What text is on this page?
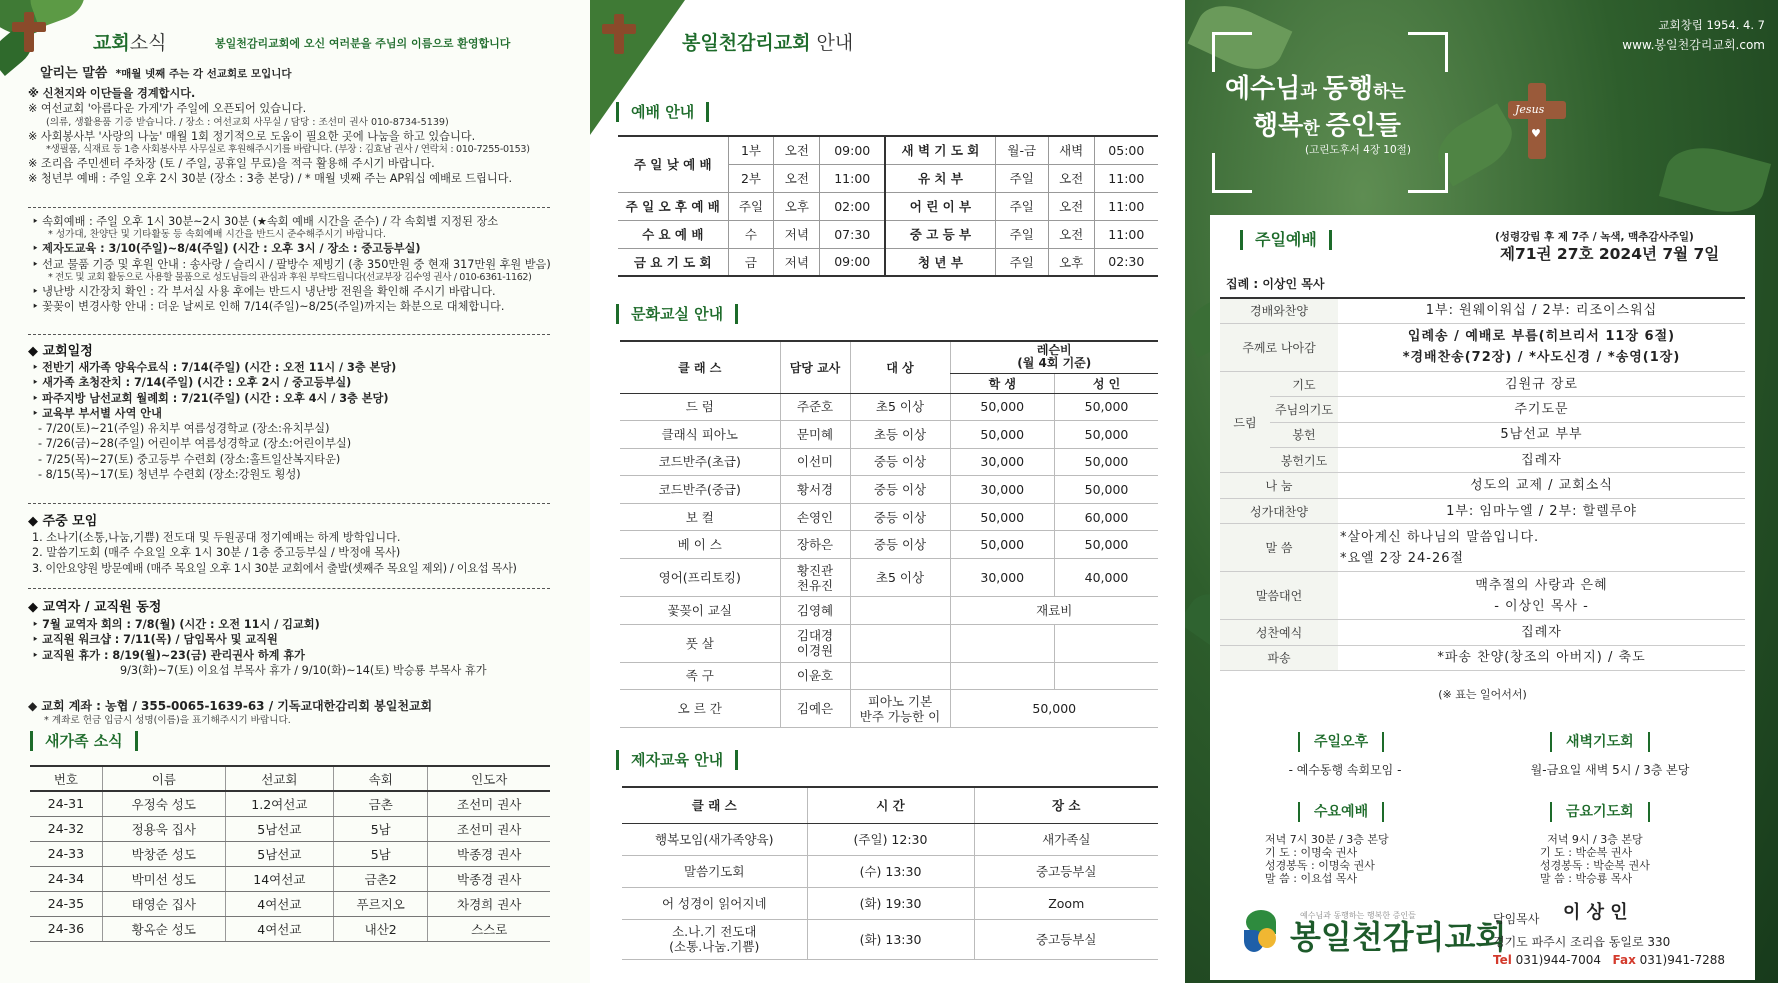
교회소식	봉일천감리교회에 오신 여러분을 주님의 이름으로 환영합니다
알리는 말씀 *매월 넷째 주는 각 선교회로 모입니다
※ 신천지와 이단들을 경계합시다.
※ 여선교회 '아름다운 가게'가 주일에 오픈되어 있습니다.
(의류, 생활용품 기증 받습니다. / 장소 : 여선교회 사무실 / 담당 : 조선미 권사 010-8734-5139)
※ 사회봉사부 '사랑의 나눔' 매월 1회 정기적으로 도움이 필요한 곳에 나눔을 하고 있습니다.
*생필품, 식재료 등 1층 사회봉사부 사무실로 후원해주시기를 바랍니다. (부장 : 김효남 권사 / 연락처 : 010-7255-0153)
※ 조리읍 주민센터 주차장 (토 / 주일, 공휴일 무료)을 적극 활용해 주시기 바랍니다.
※ 청년부 예배 : 주일 오후 2시 30분 (장소 : 3층 본당) / * 매월 넷째 주는 AP워십 예배로 드립니다.
‣ 속회예배 : 주일 오후 1시 30분~2시 30분 (★속회 예배 시간을 준수) / 각 속회별 지정된 장소
* 성가대, 찬양단 및 기타활동 등 속회예배 시간을 반드시 준수해주시기 바랍니다.
‣ 제자도교육 : 3/10(주일)~8/4(주일) (시간 : 오후 3시 / 장소 : 중고등부실)
‣ 선교 물품 기증 및 후원 안내 : 송사랑 / 슬리시 / 팔방수 제빙기 (총 350만원 중 현재 317만원 후원 받음)
* 전도 및 교회 활동으로 사용할 물품으로 성도님들의 관심과 후원 부탁드립니다(선교부장 김수영 권사 / 010-6361-1162)
‣ 냉난방 시간장치 확인 : 각 부서실 사용 후에는 반드시 냉난방 전원을 확인해 주시기 바랍니다.
‣ 꽃꽂이 변경사항 안내 : 더운 날씨로 인해 7/14(주일)~8/25(주일)까지는 화분으로 대체합니다.
◆ 교회일정
‣ 전반기 새가족 양육수료식 : 7/14(주일) (시간 : 오전 11시 / 3층 본당)
‣ 새가족 초청잔치 : 7/14(주일) (시간 : 오후 2시 / 중고등부실)
‣ 파주지방 남선교회 월례회 : 7/21(주일) (시간 : 오후 4시 / 3층 본당)
‣ 교육부 부서별 사역 안내
- 7/20(토)~21(주일) 유치부 여름성경학교 (장소:유치부실)
- 7/26(금)~28(주일) 어린이부 여름성경학교 (장소:어린이부실)
- 7/25(목)~27(토) 중고등부 수련회 (장소:홀트일산복지타운)
- 8/15(목)~17(토) 청년부 수련회 (장소:강원도 횡성)
◆ 주중 모임
1. 소나기(소통,나눔,기쁨) 전도대 및 두원공대 정기예배는 하계 방학입니다.
2. 말씀기도회 (매주 수요일 오후 1시 30분 / 1층 중고등부실 / 박정애 목사)
3. 이안요양원 방문예배 (매주 목요일 오후 1시 30분 교회에서 출발(셋째주 목요일 제외) / 이요섭 목사)
◆ 교역자 / 교직원 동정
‣ 7월 교역자 회의 : 7/8(월) (시간 : 오전 11시 / 김교회)
‣ 교직원 워크샵 : 7/11(목) / 담임목사 및 교직원
‣ 교직원 휴가 : 8/19(월)~23(금) 관리권사 하계 휴가
9/3(화)~7(토) 이요섭 부목사 휴가 / 9/10(화)~14(토) 박승룡 부목사 휴가
◆ 교회 계좌 : 농협 / 355-0065-1639-63 / 기독교대한감리회 봉일천교회
* 계좌로 헌금 입금시 성명(이름)을 표기해주시기 바랍니다.
새가족 소식
번호	이름	선교회	속회	인도자
24-31	우정숙 성도	1.2여선교	금촌	조선미 권사
24-32	정용욱 집사	5남선교	5남	조선미 권사
24-33	박창준 성도	5남선교	5남	박종경 권사
24-34	박미선 성도	14여선교	금촌2	박종경 권사
24-35	태영순 집사	4여선교	푸르지오	차경희 권사
24-36	황옥순 성도	4여선교	내산2	스스로
봉일천감리교회 안내
예배 안내
주 일 낮 예 배	1부	오전	09:00	새 벽 기 도 회	월-금	새벽	05:00
	2부	오전	11:00	유 치 부	주일	오전	11:00
주 일 오 후 예 배	주일	오후	02:00	어 린 이 부	주일	오전	11:00
수 요 예 배	수	저녁	07:30	중 고 등 부	주일	오전	11:00
금 요 기 도 회	금	저녁	09:00	청 년 부	주일	오후	02:30
문화교실 안내
클 래 스	담당 교사	대 상	레슨비
(월 4회 기준)	
			학 생	성 인
드 럼	주준호	초5 이상	50,000	50,000
클래식 피아노	문미혜	초등 이상	50,000	50,000
코드반주(초급)	이선미	중등 이상	30,000	50,000
코드반주(중급)	황서경	중등 이상	30,000	50,000
보 컬	손영인	중등 이상	50,000	60,000
베 이 스	장하은	중등 이상	50,000	50,000
영어(프리토킹)	황진관
천유진	초5 이상	30,000	40,000
꽃꽂이 교실	김영혜		재료비	
풋 살	김대경
이경원			
족 구	이윤호			
오 르 간	김예은	피아노 기본
반주 가능한 이	50,000	
제자교육 안내
클 래 스	시 간	장 소
행복모임(새가족양육)	(주일) 12:30	새가족실
말씀기도회	(수) 13:30	중고등부실
어 성경이 읽어지네	(화) 19:30	Zoom
소.나.기 전도대
(소통.나눔.기쁨)	(화) 13:30	중고등부실
교회창립 1954. 4. 7
www.봉일천감리교회.com
예수님과 동행하는
행복한 증인들
(고린도후서 4장 10절)
Jesus
♥
주일예배	(성령강림 후 제 7주 / 녹색, 맥추감사주일)
제71권 27호 2024년 7월 7일
집례 : 이상인 목사
경배와찬양		1부: 원웨이워십 / 2부: 리조이스워십
주께로 나아감		입례송 / 예배로 부름(히브리서 11장 6절)
*경배찬송(72장) / *사도신경 / *송영(1장)
드림	기도	김원규 장로
	주님의기도	주기도문
	봉헌	5남선교 부부
	봉헌기도	집례자
나 눔		성도의 교제 / 교회소식
성가대찬양		1부: 임마누엘 / 2부: 할렐루야
말 씀		*살아계신 하나님의 말씀입니다.
*요엘 2장 24-26절
말씀대언		맥추절의 사랑과 은혜
- 이상인 목사 -
성찬예식		집례자
파송		*파송 찬양(창조의 아버지) / 축도
(※ 표는 일어서서)
주일오후
- 예수동행 속회모임 -
새벽기도회
월-금요일 새벽 5시 / 3층 본당
수요예배
저녁 7시 30분 / 3층 본당
기 도 : 이명숙 권사
성경봉독 : 이명숙 권사
말 씀 : 이요섭 목사
금요기도회
저녁 9시 / 3층 본당
기 도 : 박순복 권사
성경봉독 : 박순복 권사
말 씀 : 박승룡 목사
예수님과 동행하는 행복한 증인들
봉일천감리교회
담임목사 이 상 인
경기도 파주시 조리읍 동일로 330
Tel 031)944-7004 Fax 031)941-7288
